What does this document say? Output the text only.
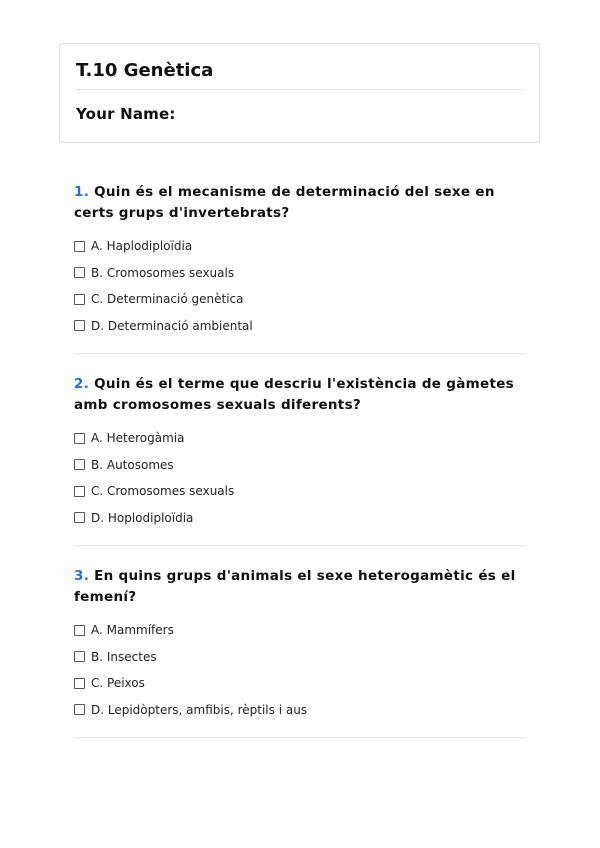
T.10 Genètica
Your Name:

1. Quin és el mecanisme de determinació del sexe en certs grups d'invertebrats?

A. Haplodiploïdia
B. Cromosomes sexuals
C. Determinació genètica
D. Determinació ambiental

2. Quin és el terme que descriu l'existència de gàmetes amb cromosomes sexuals diferents?

A. Heterogàmia
B. Autosomes
C. Cromosomes sexuals
D. Hoplodiploïdia

3. En quins grups d'animals el sexe heterogamètic és el femení?

A. Mammífers
B. Insectes
C. Peixos
D. Lepidòpters, amfibis, rèptils i aus
